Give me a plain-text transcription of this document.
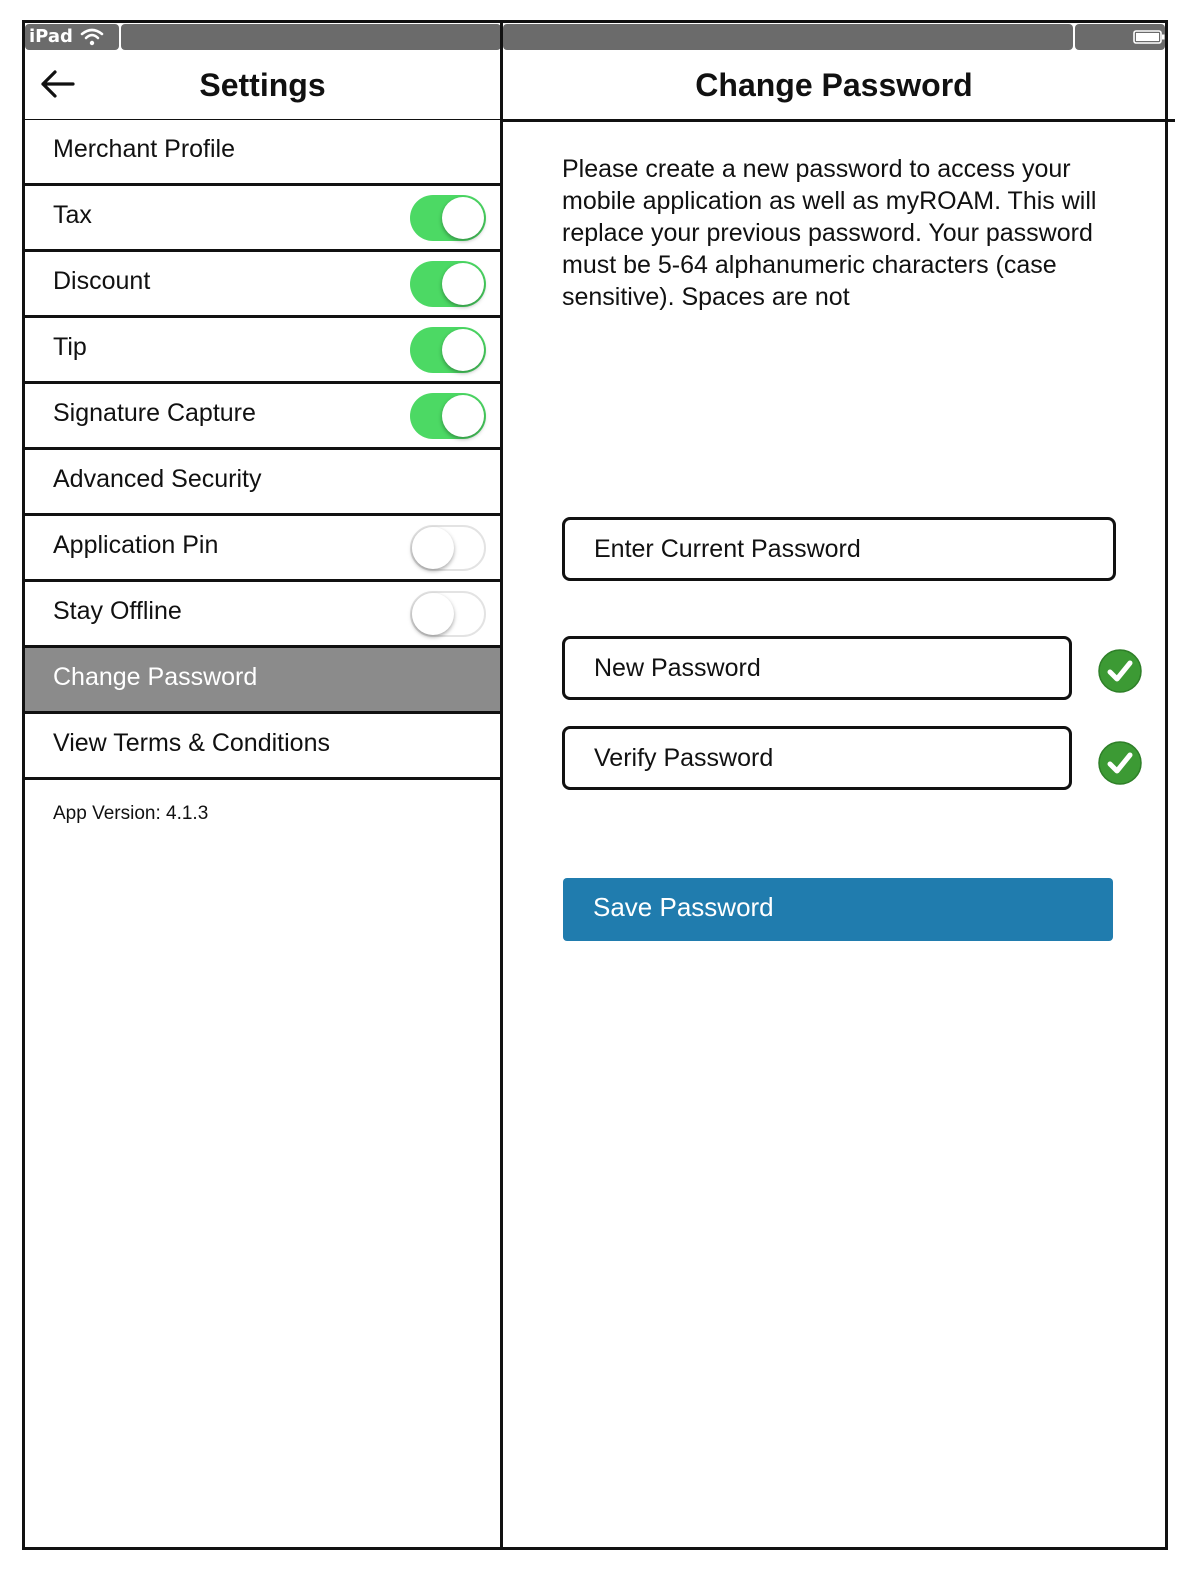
iPad
Settings	Change Password
Merchant Profile
Tax
Discount
Tip
Signature Capture
Advanced Security
Application Pin
Stay Offline
Change Password
View Terms & Conditions
App Version: 4.1.3
Please create a new password to access your mobile application as well as myROAM. This will replace your previous password. Your password must be 5-64 alphanumeric characters (case sensitive). Spaces are not
Enter Current Password
New Password
Verify Password
Save Password
